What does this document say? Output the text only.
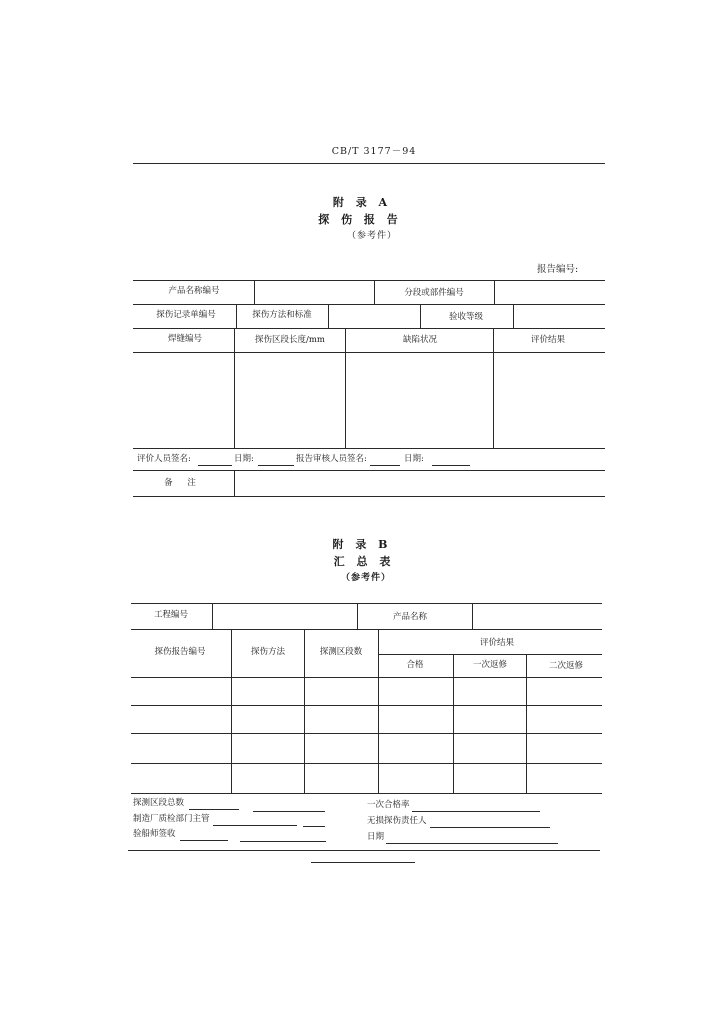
CB/T 3177－94
附 录 A
探 伤 报 告
（参考件）
报告编号:
产品名称编号	分段或部件编号
探伤记录单编号	探伤方法和标准	验收等级
焊缝编号	探伤区段长度/mm	缺陷状况	评价结果
评价人员签名:	日期:	报告审核人员签名:	日期:
备 注
附 录 B
汇 总 表
（参考件）
工程编号	产品名称
探伤报告编号	探伤方法	探测区段数
评价结果
合格	一次返修	二次返修
探测区段总数	一次合格率
制造厂质检部门主管	无损探伤责任人
验船师签收	日期
